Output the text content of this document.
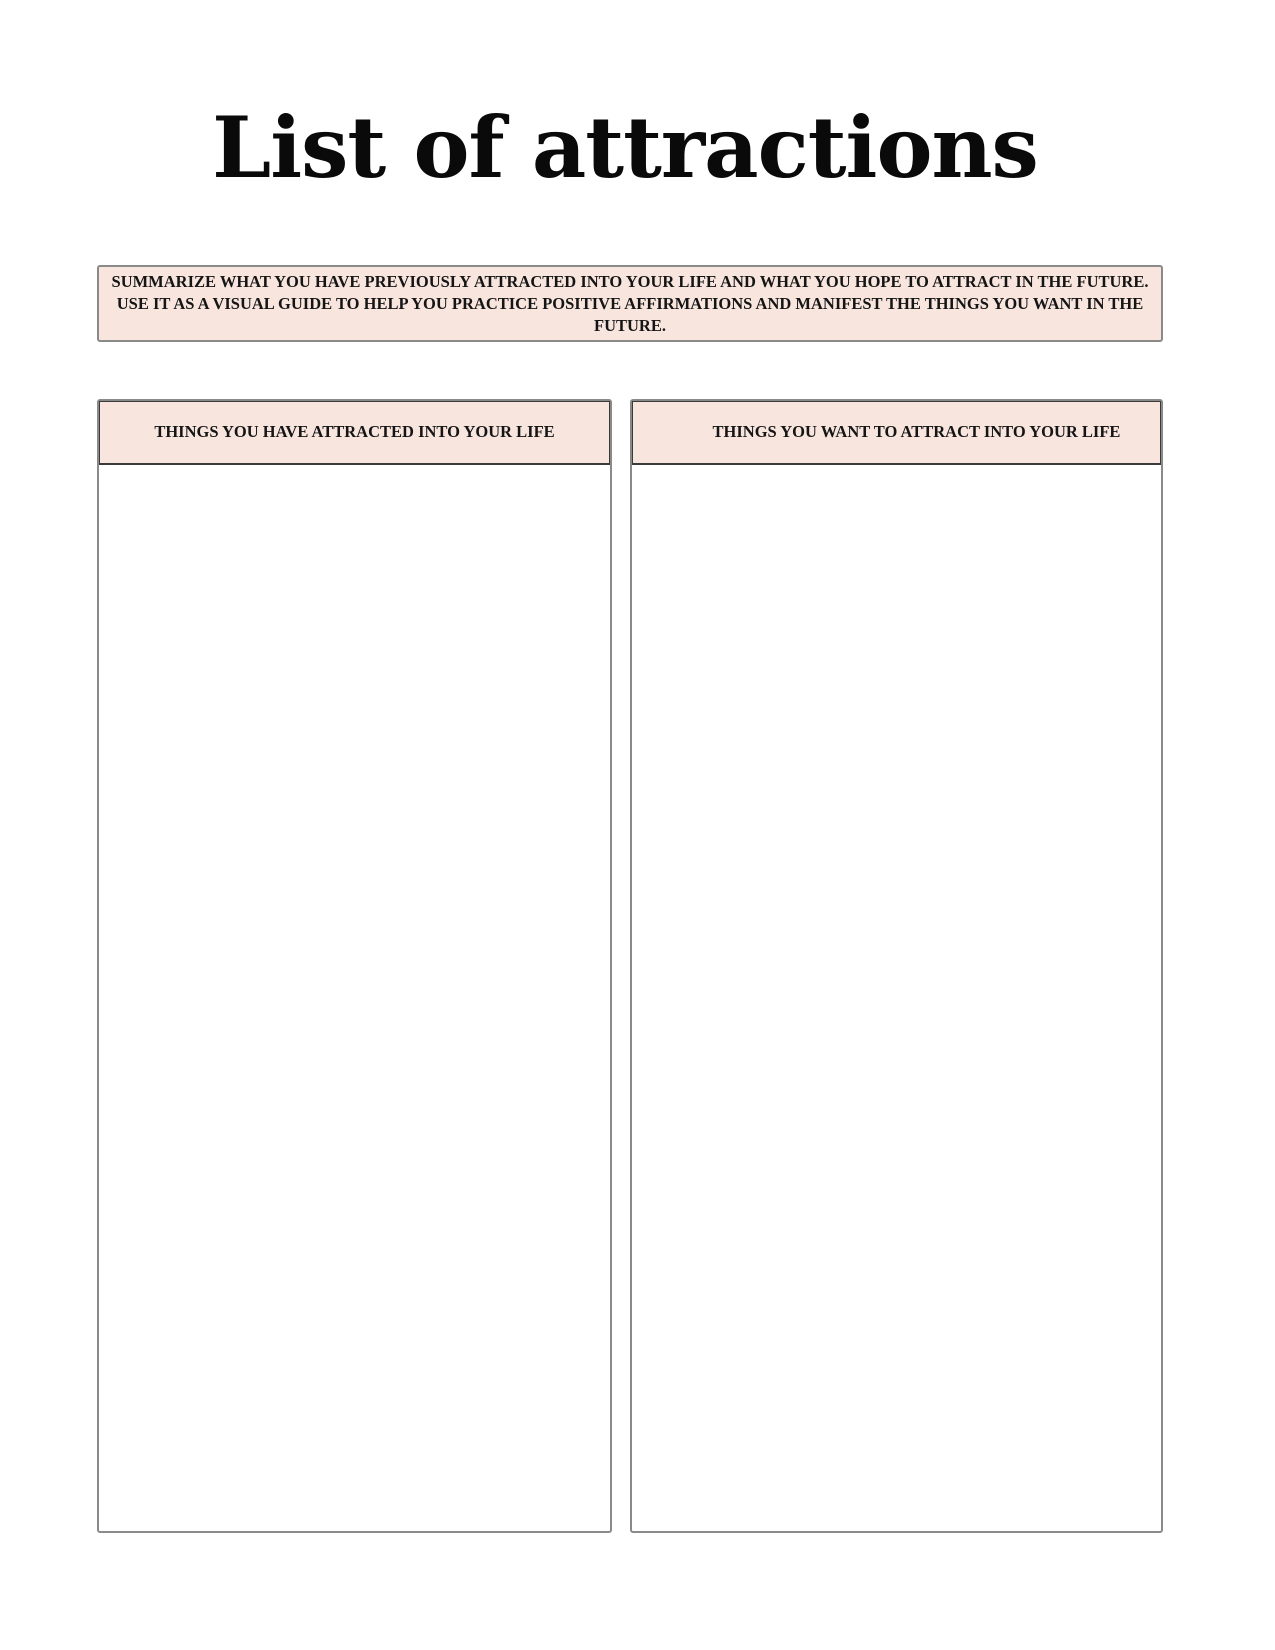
List of attractions
SUMMARIZE WHAT YOU HAVE PREVIOUSLY ATTRACTED INTO YOUR LIFE AND WHAT YOU HOPE TO ATTRACT IN THE FUTURE. USE IT AS A VISUAL GUIDE TO HELP YOU PRACTICE POSITIVE AFFIRMATIONS AND MANIFEST THE THINGS YOU WANT IN THE FUTURE.
THINGS YOU HAVE ATTRACTED INTO YOUR LIFE	THINGS YOU WANT TO ATTRACT INTO YOUR LIFE
